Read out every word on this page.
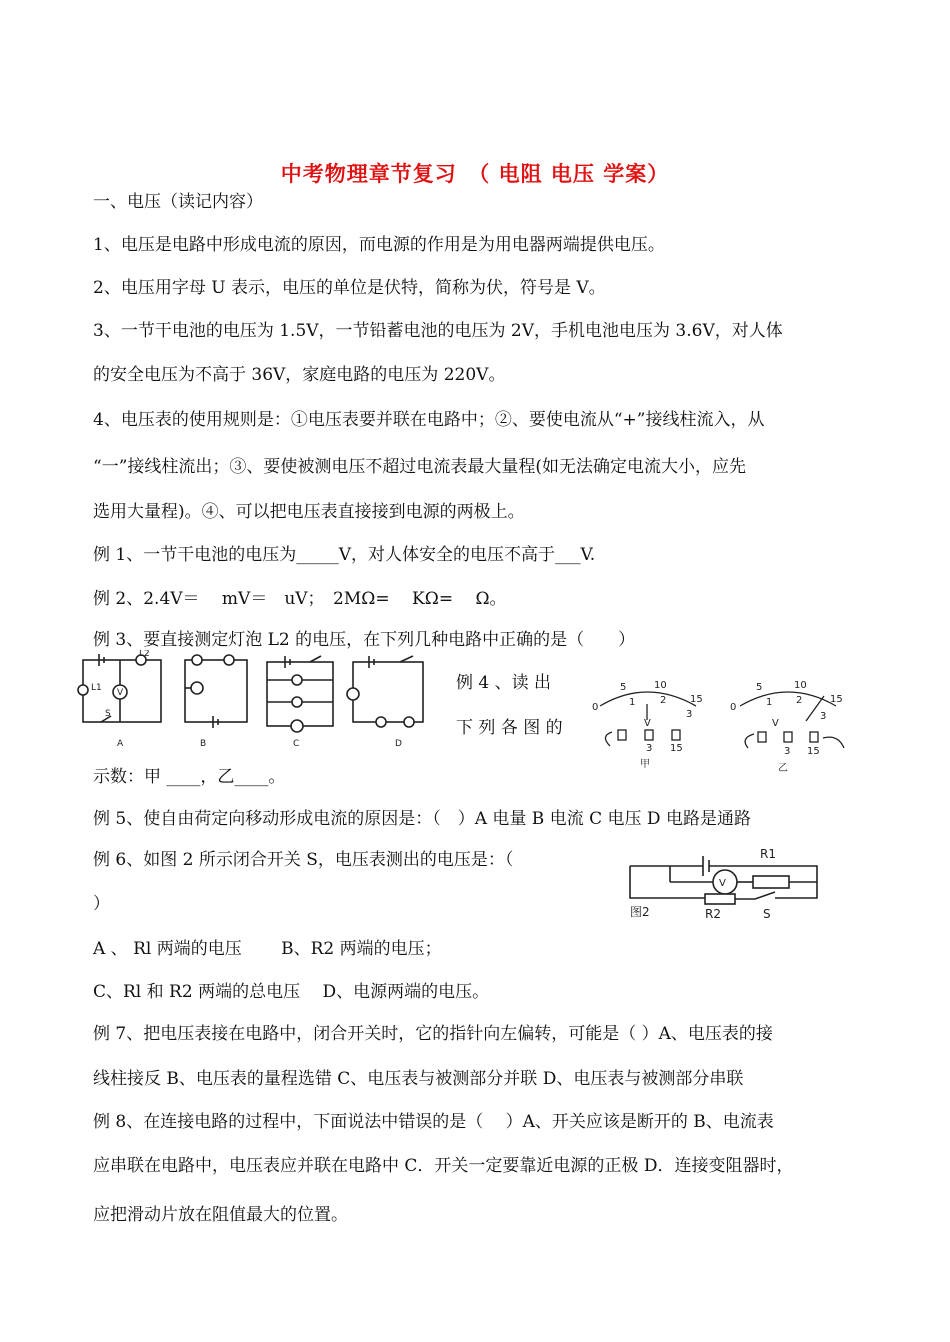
中考物理章节复习　（ 电阻 电压 学案）
一、电压（读记内容）
1、电压是电路中形成电流的原因，而电源的作用是为用电器两端提供电压。
2、电压用字母 U 表示，电压的单位是伏特，简称为伏，符号是 V。
3、一节干电池的电压为 1.5V，一节铅蓄电池的电压为 2V，手机电池电压为 3.6V，对人体
的安全电压为不高于 36V，家庭电路的电压为 220V。
4、电压表的使用规则是：①电压表要并联在电路中；②、要使电流从“+”接线柱流入，从
“一”接线柱流出；③、要使被测电压不超过电流表最大量程(如无法确定电流大小，应先
选用大量程)。④、可以把电压表直接接到电源的两极上。
例 1、一节干电池的电压为_____V，对人体安全的电压不高于___V.
例 2、2.4V＝　 mV＝　uV；　2MΩ=　 KΩ=　 Ω。
例 3、要直接测定灯泡 L2 的电压，在下列几种电路中正确的是（　　）
例 4 、读 出
下 列 各 图 的
示数：甲 ____，乙____。
例 5、使自由荷定向移动形成电流的原因是：（　）A 电量 B 电流 C 电压 D 电路是通路
例 6、如图 2 所示闭合开关 S，电压表测出的电压是：（
）
A 、 Rl 两端的电压　　 B、R2 两端的电压；
C、Rl 和 R2 两端的总电压　 D、电源两端的电压。
例 7、把电压表接在电路中，闭合开关时，它的指针向左偏转，可能是（ ）A、电压表的接
线柱接反 B、电压表的量程选错 C、电压表与被测部分并联 D、电压表与被测部分串联
例 8、在连接电路的过程中，下面说法中错误的是（　 ）A、开关应该是断开的 B、电流表
应串联在电路中，电压表应并联在电路中 C．开关一定要靠近电源的正极 D．连接变阻器时，
应把滑动片放在阻值最大的位置。
L1
L2
V
S
A	B	C	D
0
5	10
15
1 2
3
V
3 15
甲
0
5	10
15
1 2
3
V
3 15
乙
R1
R2	S
图2
V
